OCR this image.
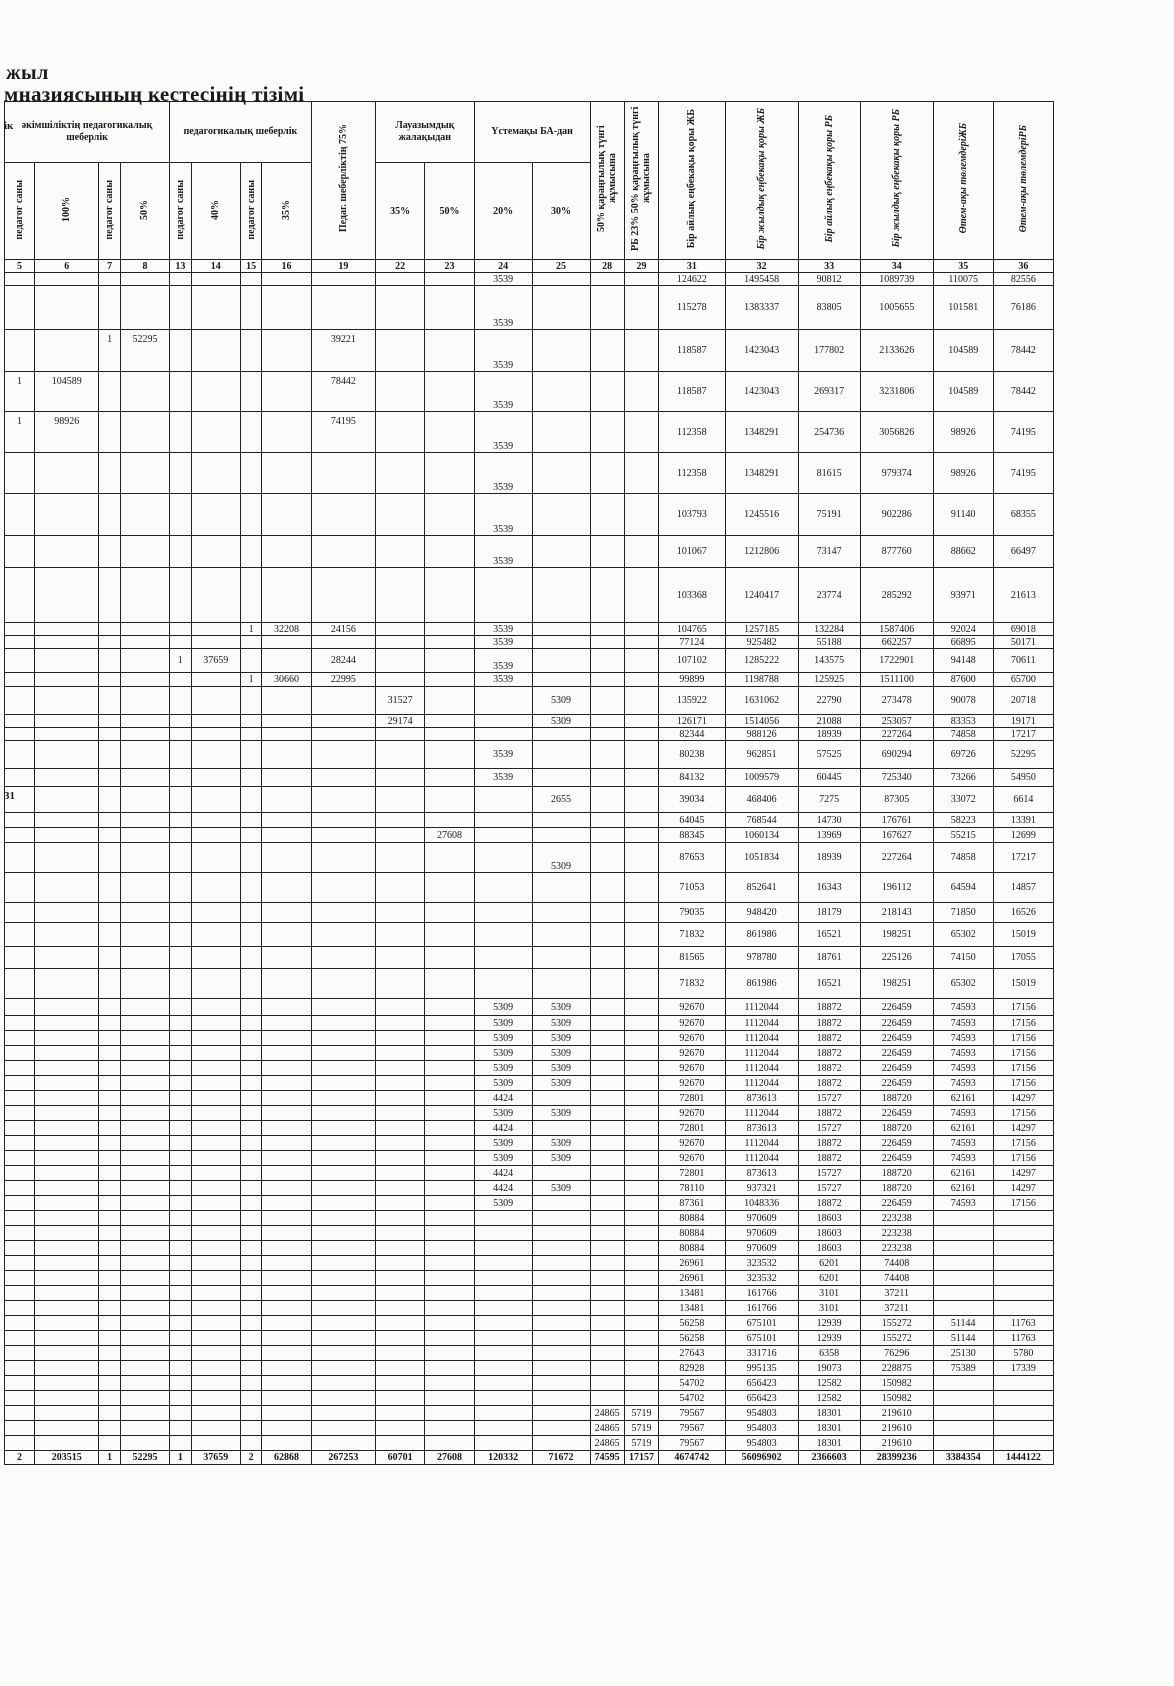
жыл
мназиясының кестесінің тізімі
ік
31
әкімшіліктің педагогикалық шеберлік				педагогикалық шеберлік				Педаг. шеберліктің 75%	Лауазымдық жалақыдан		Үстемақы БА-дан		50% қараңғылық түнгі жұмысына	РБ 23% 50% қараңғылық түнгі жұмысына	Бір айлық еңбекақы қоры ЖБ	Бір жылдық еңбекақы қоры ЖБ	Бір айлық еңбекақы қоры РБ	Бір жылдық еңбекақы қоры РБ	Өтем-ақы төлемдеріЖБ	Өтем-ақы төлемдеріРБ
педагог саны	100%	педагог саны	50%	педагог саны	40%	педагог саны	35%		35%	50%	20%	30%								
5	6	7	8	13	14	15	16	19	22	23	24	25	28	29	31	32	33	34	35	36
											3539				124622	1495458	90812	1089739	110075	82556
											3539				115278	1383337	83805	1005655	101581	76186
		1	52295					39221			3539				118587	1423043	177802	2133626	104589	78442
1	104589							78442			3539				118587	1423043	269317	3231806	104589	78442
1	98926							74195			3539				112358	1348291	254736	3056826	98926	74195
											3539				112358	1348291	81615	979374	98926	74195
											3539				103793	1245516	75191	902286	91140	68355
											3539				101067	1212806	73147	877760	88662	66497
															103368	1240417	23774	285292	93971	21613
						1	32208	24156			3539				104765	1257185	132284	1587406	92024	69018
											3539				77124	925482	55188	662257	66895	50171
				1	37659			28244			3539				107102	1285222	143575	1722901	94148	70611
						1	30660	22995			3539				99899	1198788	125925	1511100	87600	65700
									31527			5309			135922	1631062	22790	273478	90078	20718
									29174			5309			126171	1514056	21088	253057	83353	19171
															82344	988126	18939	227264	74858	17217
											3539				80238	962851	57525	690294	69726	52295
											3539				84132	1009579	60445	725340	73266	54950
												2655			39034	468406	7275	87305	33072	6614
															64045	768544	14730	176761	58223	13391
										27608					88345	1060134	13969	167627	55215	12699
												5309			87653	1051834	18939	227264	74858	17217
															71053	852641	16343	196112	64594	14857
															79035	948420	18179	218143	71850	16526
															71832	861986	16521	198251	65302	15019
															81565	978780	18761	225126	74150	17055
															71832	861986	16521	198251	65302	15019
											5309	5309			92670	1112044	18872	226459	74593	17156
											5309	5309			92670	1112044	18872	226459	74593	17156
											5309	5309			92670	1112044	18872	226459	74593	17156
											5309	5309			92670	1112044	18872	226459	74593	17156
											5309	5309			92670	1112044	18872	226459	74593	17156
											5309	5309			92670	1112044	18872	226459	74593	17156
											4424				72801	873613	15727	188720	62161	14297
											5309	5309			92670	1112044	18872	226459	74593	17156
											4424				72801	873613	15727	188720	62161	14297
											5309	5309			92670	1112044	18872	226459	74593	17156
											5309	5309			92670	1112044	18872	226459	74593	17156
											4424				72801	873613	15727	188720	62161	14297
											4424	5309			78110	937321	15727	188720	62161	14297
											5309				87361	1048336	18872	226459	74593	17156
															80884	970609	18603	223238		
															80884	970609	18603	223238		
															80884	970609	18603	223238		
															26961	323532	6201	74408		
															26961	323532	6201	74408		
															13481	161766	3101	37211		
															13481	161766	3101	37211		
															56258	675101	12939	155272	51144	11763
															56258	675101	12939	155272	51144	11763
															27643	331716	6358	76296	25130	5780
															82928	995135	19073	228875	75389	17339
															54702	656423	12582	150982		
															54702	656423	12582	150982		
													24865	5719	79567	954803	18301	219610		
													24865	5719	79567	954803	18301	219610		
													24865	5719	79567	954803	18301	219610		
2	203515	1	52295	1	37659	2	62868	267253	60701	27608	120332	71672	74595	17157	4674742	56096902	2366603	28399236	3384354	1444122
